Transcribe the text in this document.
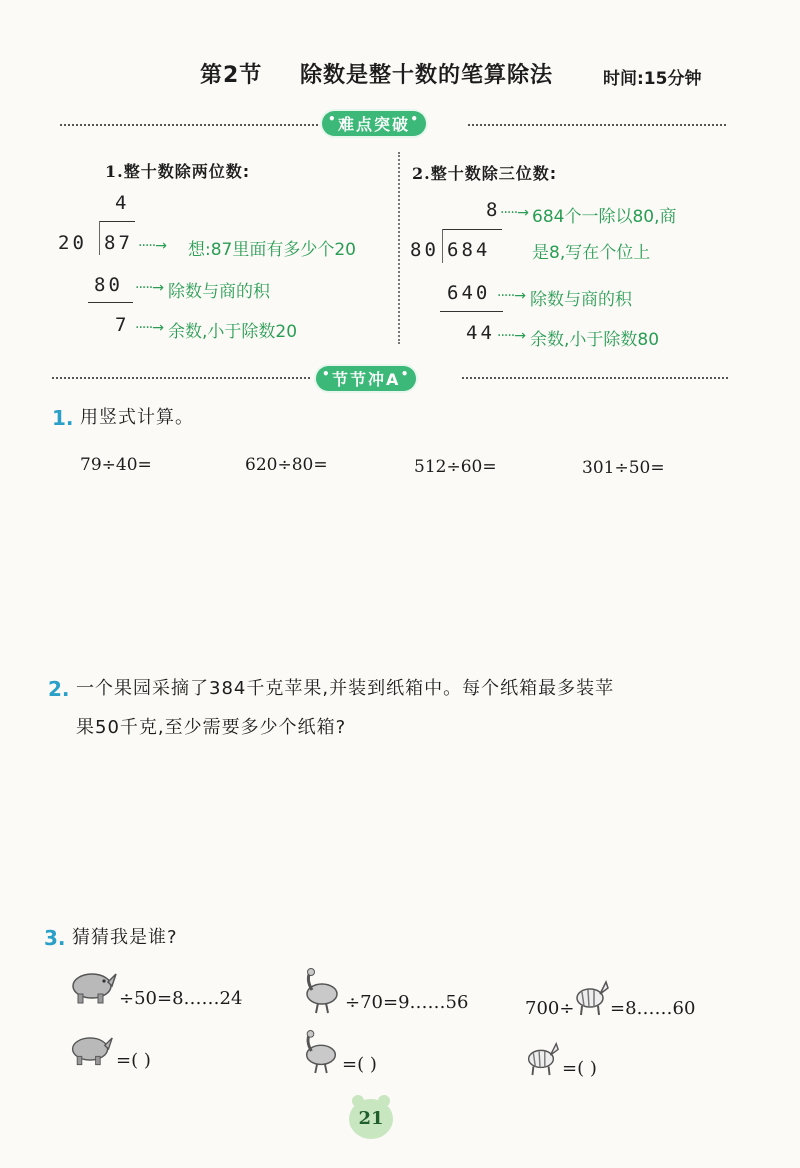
第2节 除数是整十数的笔算除法	时间:15分钟
• 难点突破 •
1.整十数除两位数:
4
20 87 ·····→ 想:87里面有多少个20
80 ·····→ 除数与商的积
7 ·····→ 余数,小于除数20
2.整十数除三位数:
8 ·····→ 684个一除以80,商
80 684 是8,写在个位上
640 ·····→ 除数与商的积
44 ·····→ 余数,小于除数80
• 节节冲A •
1. 用竖式计算。
79÷40=	620÷80=	512÷60=	301÷50=
2. 一个果园采摘了384千克苹果,并装到纸箱中。每个纸箱最多装苹
果50千克,至少需要多少个纸箱?
3. 猜猜我是谁?
÷50=8……24	÷70=9……56	700÷ =8……60
=( )	=( )	=( )
21
